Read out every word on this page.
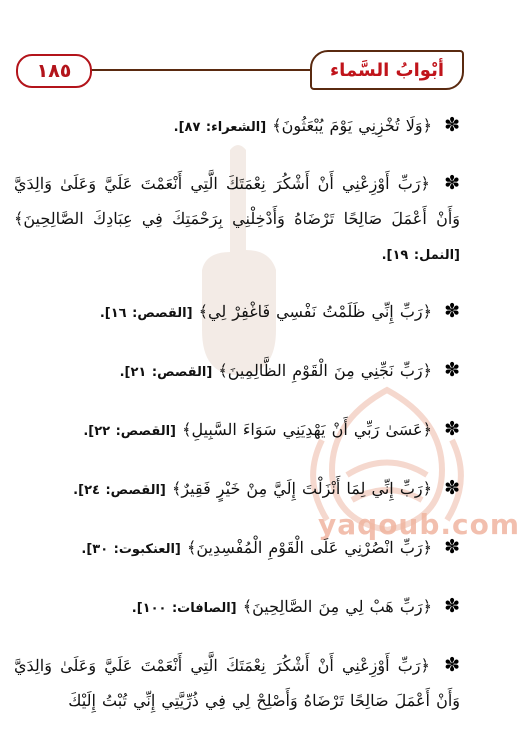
١٨٥	أبْوابُ السَّماء
yaqoub.com
✽ ﴿وَلَا تُخْزِنِي يَوْمَ يُبْعَثُونَ﴾ [الشعراء: ٨٧].
✽ ﴿رَبِّ أَوْزِعْنِي أَنْ أَشْكُرَ نِعْمَتَكَ الَّتِي أَنْعَمْتَ عَلَيَّ وَعَلَىٰ وَالِدَيَّ وَأَنْ أَعْمَلَ صَالِحًا تَرْضَاهُ وَأَدْخِلْنِي بِرَحْمَتِكَ فِي عِبَادِكَ الصَّالِحِينَ﴾ [النمل: ١٩].
✽ ﴿رَبِّ إِنِّي ظَلَمْتُ نَفْسِي فَاغْفِرْ لِي﴾ [القصص: ١٦].
✽ ﴿رَبِّ نَجِّنِي مِنَ الْقَوْمِ الظَّالِمِينَ﴾ [القصص: ٢١].
✽ ﴿عَسَىٰ رَبِّي أَنْ يَهْدِيَنِي سَوَاءَ السَّبِيلِ﴾ [القصص: ٢٢].
✽ ﴿رَبِّ إِنِّي لِمَا أَنْزَلْتَ إِلَيَّ مِنْ خَيْرٍ فَقِيرٌ﴾ [القصص: ٢٤].
✽ ﴿رَبِّ انْصُرْنِي عَلَى الْقَوْمِ الْمُفْسِدِينَ﴾ [العنكبوت: ٣٠].
✽ ﴿رَبِّ هَبْ لِي مِنَ الصَّالِحِينَ﴾ [الصافات: ١٠٠].
✽ ﴿رَبِّ أَوْزِعْنِي أَنْ أَشْكُرَ نِعْمَتَكَ الَّتِي أَنْعَمْتَ عَلَيَّ وَعَلَىٰ وَالِدَيَّ وَأَنْ أَعْمَلَ صَالِحًا تَرْضَاهُ وَأَصْلِحْ لِي فِي ذُرِّيَّتِي إِنِّي تُبْتُ إِلَيْكَ
